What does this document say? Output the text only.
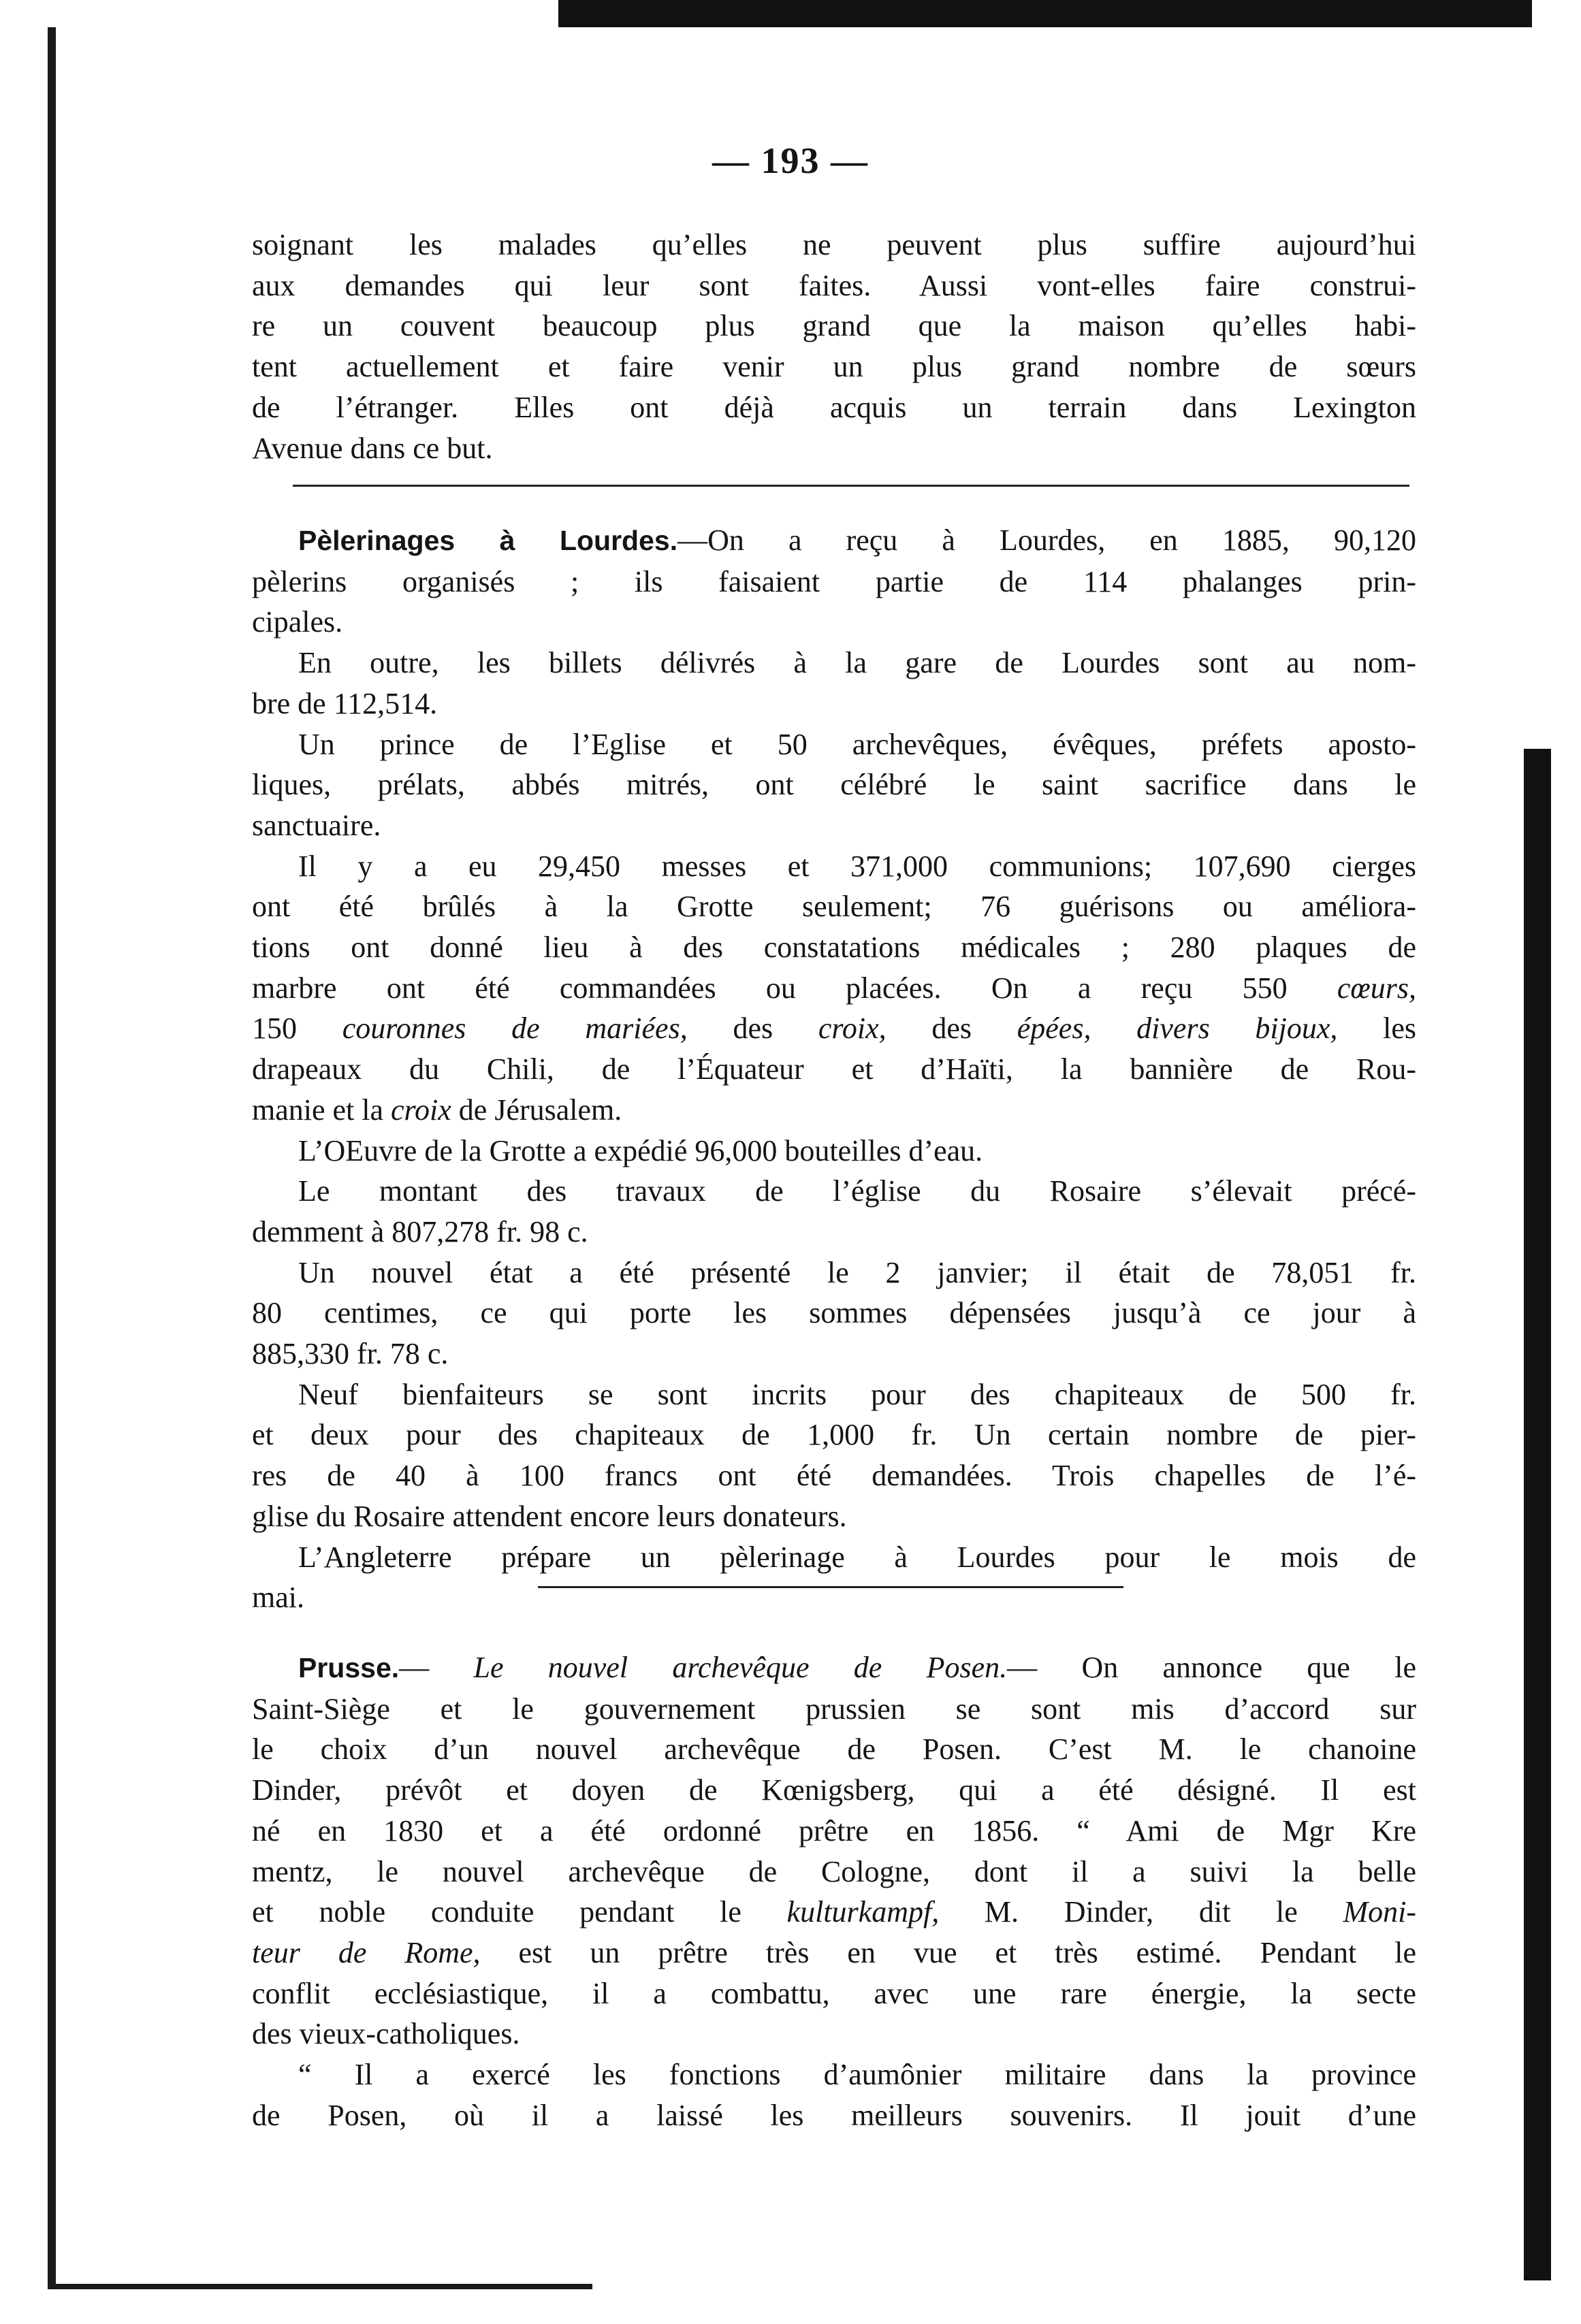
— 193 —
soignant les malades qu’elles ne peuvent plus suffire aujourd’hui
aux demandes qui leur sont faites. Aussi vont-elles faire construi-
re un couvent beaucoup plus grand que la maison qu’elles habi-
tent actuellement et faire venir un plus grand nombre de sœurs
de l’étranger. Elles ont déjà acquis un terrain dans Lexington
Avenue dans ce but.
Pèlerinages à Lourdes.—On a reçu à Lourdes, en 1885, 90,120
pèlerins organisés ; ils faisaient partie de 114 phalanges prin-
cipales.
En outre, les billets délivrés à la gare de Lourdes sont au nom-
bre de 112,514.
Un prince de l’Eglise et 50 archevêques, évêques, préfets aposto-
liques, prélats, abbés mitrés, ont célébré le saint sacrifice dans le
sanctuaire.
Il y a eu 29,450 messes et 371,000 communions; 107,690 cierges
ont été brûlés à la Grotte seulement; 76 guérisons ou améliora-
tions ont donné lieu à des constatations médicales ; 280 plaques de
marbre ont été commandées ou placées. On a reçu 550 cœurs,
150 couronnes de mariées, des croix, des épées, divers bijoux, les
drapeaux du Chili, de l’Équateur et d’Haïti, la bannière de Rou-
manie et la croix de Jérusalem.
L’OEuvre de la Grotte a expédié 96,000 bouteilles d’eau.
Le montant des travaux de l’église du Rosaire s’élevait précé-
demment à 807,278 fr. 98 c.
Un nouvel état a été présenté le 2 janvier; il était de 78,051 fr.
80 centimes, ce qui porte les sommes dépensées jusqu’à ce jour à
885,330 fr. 78 c.
Neuf bienfaiteurs se sont incrits pour des chapiteaux de 500 fr.
et deux pour des chapiteaux de 1,000 fr. Un certain nombre de pier-
res de 40 à 100 francs ont été demandées. Trois chapelles de l’é-
glise du Rosaire attendent encore leurs donateurs.
L’Angleterre prépare un pèlerinage à Lourdes pour le mois de
mai.
Prusse.— Le nouvel archevêque de Posen.— On annonce que le
Saint-Siège et le gouvernement prussien se sont mis d’accord sur
le choix d’un nouvel archevêque de Posen. C’est M. le chanoine
Dinder, prévôt et doyen de Kœnigsberg, qui a été désigné. Il est
né en 1830 et a été ordonné prêtre en 1856. “ Ami de Mgr Kre
mentz, le nouvel archevêque de Cologne, dont il a suivi la belle
et noble conduite pendant le kulturkampf, M. Dinder, dit le Moni-
teur de Rome, est un prêtre très en vue et très estimé. Pendant le
conflit ecclésiastique, il a combattu, avec une rare énergie, la secte
des vieux-catholiques.
“ Il a exercé les fonctions d’aumônier militaire dans la province
de Posen, où il a laissé les meilleurs souvenirs. Il jouit d’une
